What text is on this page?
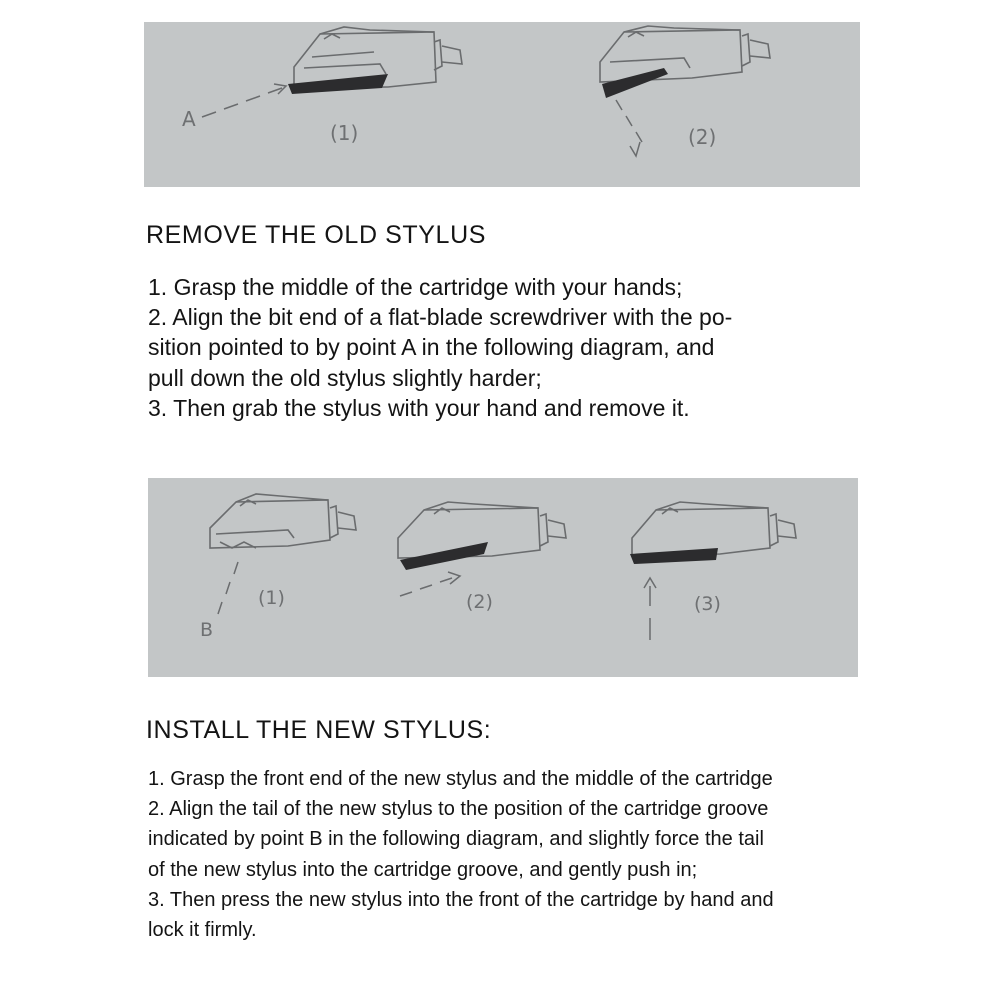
A
(1)	(2)
REMOVE THE OLD STYLUS
1. Grasp the middle of the cartridge with your hands;
2. Align the bit end of a flat-blade screwdriver with the po-
sition pointed to by point A in the following diagram, and
pull down the old stylus slightly harder;
3. Then grab the stylus with your hand and remove it.
B
(1)	(2)	(3)
INSTALL THE NEW STYLUS:
1. Grasp the front end of the new stylus and the middle of the cartridge
2. Align the tail of the new stylus to the position of the cartridge groove
indicated by point B in the following diagram, and slightly force the tail
of the new stylus into the cartridge groove, and gently push in;
3. Then press the new stylus into the front of the cartridge by hand and
lock it firmly.
